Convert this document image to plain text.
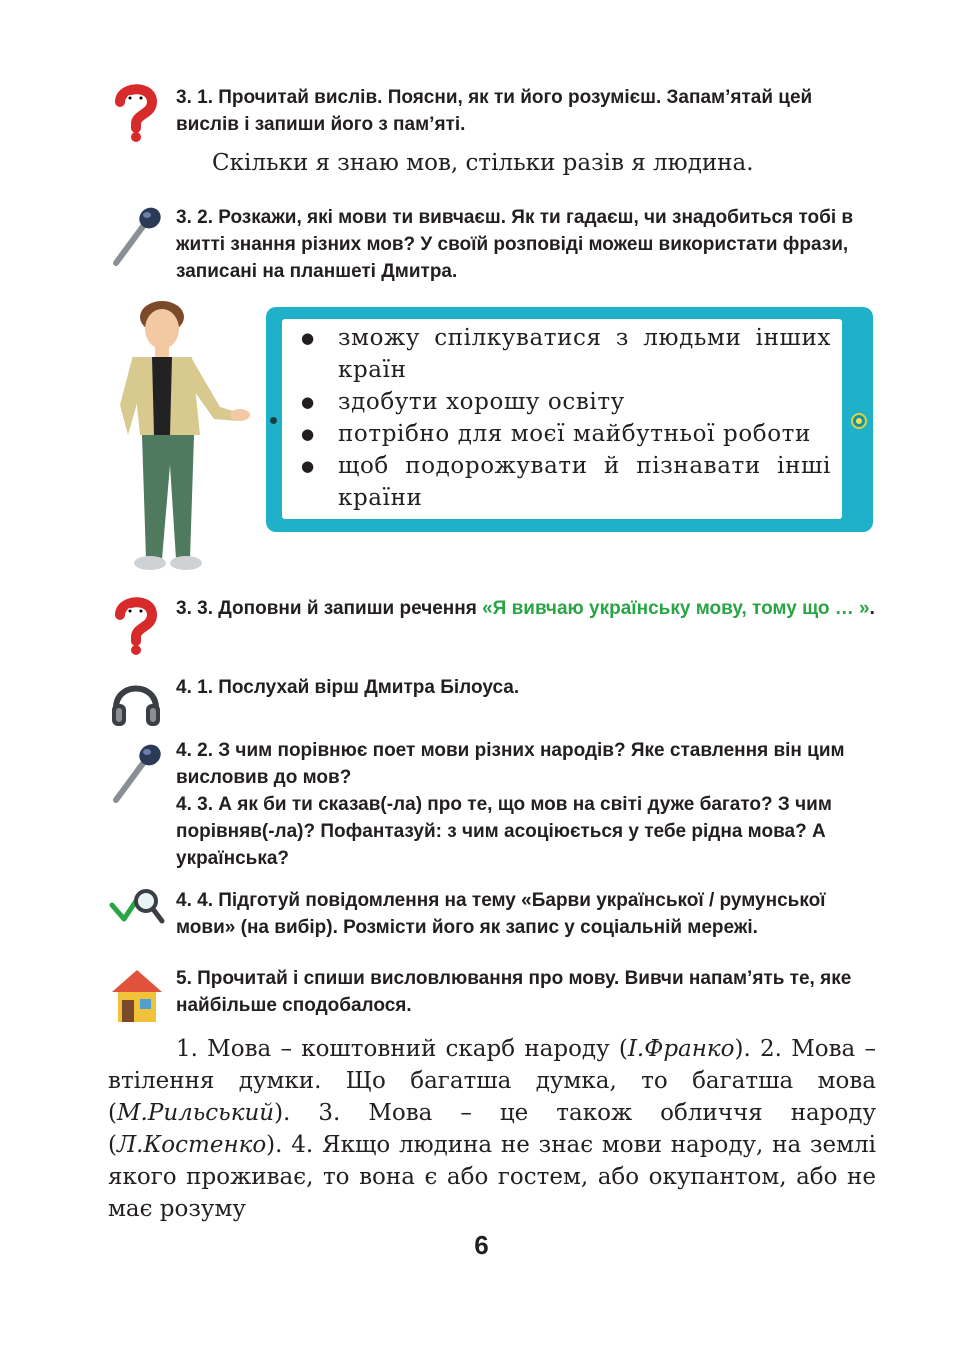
3. 1. Прочитай вислів. Поясни, як ти його розумієш. Запам’ятай цей вислів і запиши його з пам’яті.
Скільки я знаю мов, стільки разів я людина.
3. 2. Розкажи, які мови ти вивчаєш. Як ти гадаєш, чи знадобиться тобі в житті знання різних мов? У своїй розповіді можеш використати фрази, записані на планшеті Дмитра.
● зможу спілкуватися з людьми інших країн
● здобути хорошу освіту
● потрібно для моєї майбутньої роботи
● щоб подорожувати й пізнавати інші країни
3. 3. Доповни й запиши речення «Я вивчаю українську мову, тому що … ».
4. 1. Послухай вірш Дмитра Білоуса.
4. 2. З чим порівнює поет мови різних народів? Яке ставлення він цим висловив до мов?
4. 3. А як би ти сказав(-ла) про те, що мов на світі дуже багато? З чим порівняв(-ла)? Пофантазуй: з чим асоціюється у тебе рідна мова? А українська?
4. 4. Підготуй повідомлення на тему «Барви української / румунської мови» (на вибір). Розмісти його як запис у соціальній мережі.
5. Прочитай і спиши висловлювання про мову. Вивчи напам’ять те, яке найбільше сподобалося.

1. Мова – коштовний скарб народу (І.Франко). 2. Мова – втілення думки. Що багатша думка, то багатша мова (М.Рильський). 3. Мова – це також обличчя народу (Л.Костенко). 4. Якщо людина не знає мови народу, на землі якого проживає, то вона є або гостем, або окупантом, або не має розуму

6
